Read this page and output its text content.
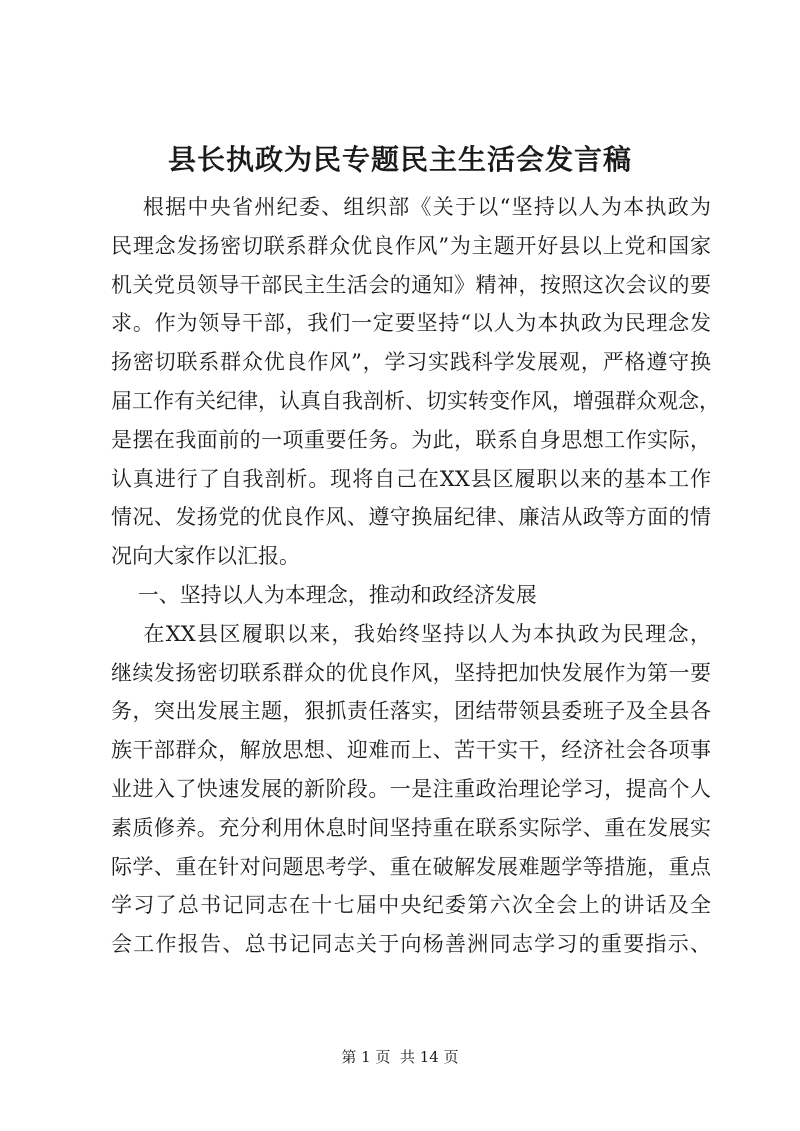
县长执政为民专题民主生活会发言稿
根据中央省州纪委、组织部《关于以“坚持以人为本执政为
民理念发扬密切联系群众优良作风”为主题开好县以上党和国家
机关党员领导干部民主生活会的通知》精神，按照这次会议的要
求。作为领导干部，我们一定要坚持“以人为本执政为民理念发
扬密切联系群众优良作风”，学习实践科学发展观，严格遵守换
届工作有关纪律，认真自我剖析、切实转变作风，增强群众观念，
是摆在我面前的一项重要任务。为此，联系自身思想工作实际，
认真进行了自我剖析。现将自己在XX县区履职以来的基本工作
情况、发扬党的优良作风、遵守换届纪律、廉洁从政等方面的情
况向大家作以汇报。
一、坚持以人为本理念，推动和政经济发展
在XX县区履职以来，我始终坚持以人为本执政为民理念，
继续发扬密切联系群众的优良作风，坚持把加快发展作为第一要
务，突出发展主题，狠抓责任落实，团结带领县委班子及全县各
族干部群众，解放思想、迎难而上、苦干实干，经济社会各项事
业进入了快速发展的新阶段。一是注重政治理论学习，提高个人
素质修养。充分利用休息时间坚持重在联系实际学、重在发展实
际学、重在针对问题思考学、重在破解发展难题学等措施，重点
学习了总书记同志在十七届中央纪委第六次全会上的讲话及全
会工作报告、总书记同志关于向杨善洲同志学习的重要指示、
第 1 页  共 14 页
